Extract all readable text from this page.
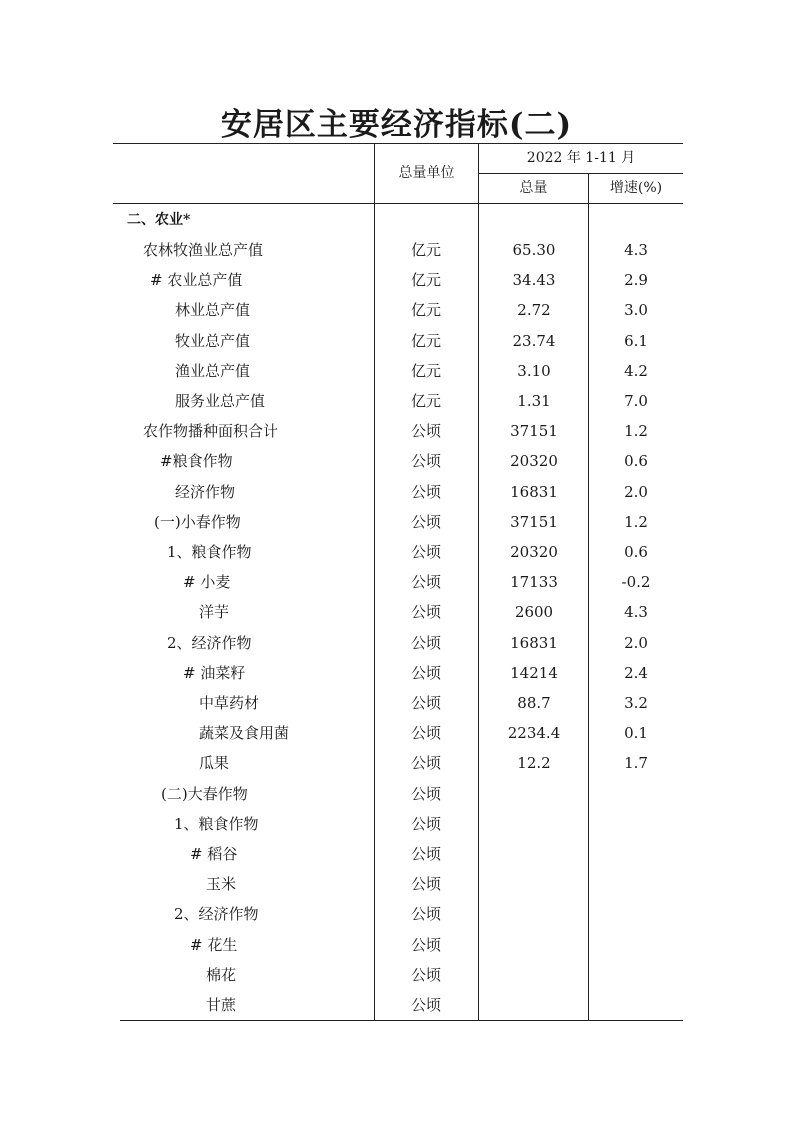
安居区主要经济指标(二)
总量单位
2022 年 1-11 月
总量	增速(%)
二、农业*
农林牧渔业总产值	亿元	65.30	4.3
# 农业总产值	亿元	34.43	2.9
林业总产值	亿元	2.72	3.0
牧业总产值	亿元	23.74	6.1
渔业总产值	亿元	3.10	4.2
服务业总产值	亿元	1.31	7.0
农作物播种面积合计	公顷	37151	1.2
#粮食作物	公顷	20320	0.6
经济作物	公顷	16831	2.0
(一)小春作物	公顷	37151	1.2
1、粮食作物	公顷	20320	0.6
# 小麦	公顷	17133	-0.2
洋芋	公顷	2600	4.3
2、经济作物	公顷	16831	2.0
# 油菜籽	公顷	14214	2.4
中草药材	公顷	88.7	3.2
蔬菜及食用菌	公顷	2234.4	0.1
瓜果	公顷	12.2	1.7
(二)大春作物	公顷
1、粮食作物	公顷
# 稻谷	公顷
玉米	公顷
2、经济作物	公顷
# 花生	公顷
棉花	公顷
甘蔗	公顷
